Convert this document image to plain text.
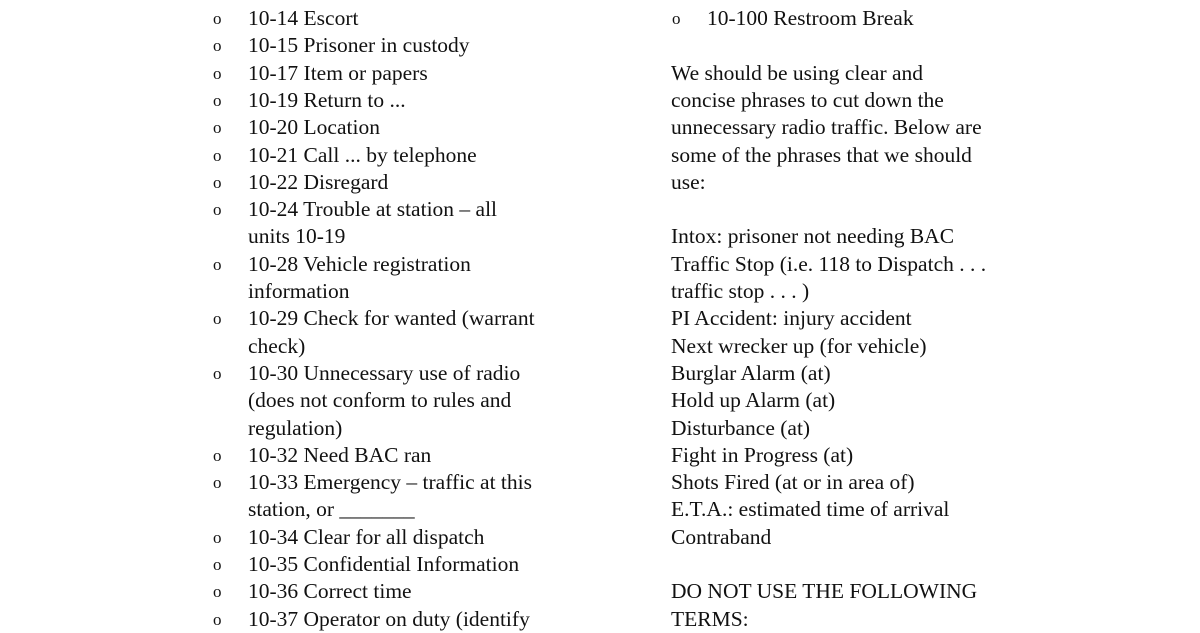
o 10-14 Escort
o 10-15 Prisoner in custody
o 10-17 Item or papers
o 10-19 Return to ...
o 10-20 Location
o 10-21 Call ... by telephone
o 10-22 Disregard
o 10-24 Trouble at station – all
units 10-19
o 10-28 Vehicle registration
information
o 10-29 Check for wanted (warrant
check)
o 10-30 Unnecessary use of radio
(does not conform to rules and
regulation)
o 10-32 Need BAC ran
o 10-33 Emergency – traffic at this
station, or _______
o 10-34 Clear for all dispatch
o 10-35 Confidential Information
o 10-36 Correct time
o 10-37 Operator on duty (identify
o 10-100 Restroom Break
We should be using clear and
concise phrases to cut down the
unnecessary radio traffic. Below are
some of the phrases that we should
use:
Intox: prisoner not needing BAC
Traffic Stop (i.e. 118 to Dispatch . . .
traffic stop . . . )
PI Accident: injury accident
Next wrecker up (for vehicle)
Burglar Alarm (at)
Hold up Alarm (at)
Disturbance (at)
Fight in Progress (at)
Shots Fired (at or in area of)
E.T.A.: estimated time of arrival
Contraband
DO NOT USE THE FOLLOWING
TERMS:
